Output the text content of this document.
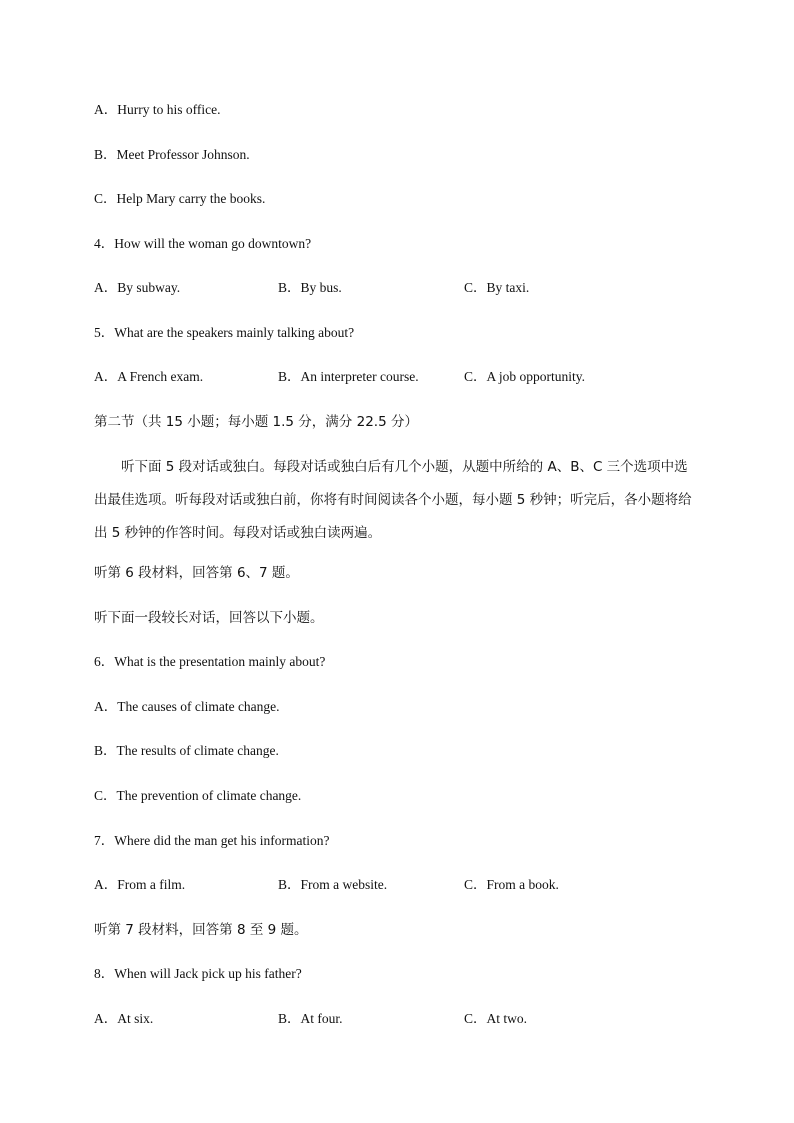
A．Hurry to his office.
B．Meet Professor Johnson.
C．Help Mary carry the books.
4．How will the woman go downtown?
A．By subway.	B．By bus.	C．By taxi.
5．What are the speakers mainly talking about?
A．A French exam.	B．An interpreter course.	C．A job opportunity.
第二节（共 15 小题；每小题 1.5 分，满分 22.5 分）
听下面 5 段对话或独白。每段对话或独白后有几个小题，从题中所给的 A、B、C 三个选项中选出最佳选项。听每段对话或独白前，你将有时间阅读各个小题，每小题 5 秒钟；听完后，各小题将给出 5 秒钟的作答时间。每段对话或独白读两遍。
听第 6 段材料，回答第 6、7 题。
听下面一段较长对话，回答以下小题。
6．What is the presentation mainly about?
A．The causes of climate change.
B．The results of climate change.
C．The prevention of climate change.
7．Where did the man get his information?
A．From a film.	B．From a website.	C．From a book.
听第 7 段材料，回答第 8 至 9 题。
8．When will Jack pick up his father?
A．At six.	B．At four.	C．At two.
